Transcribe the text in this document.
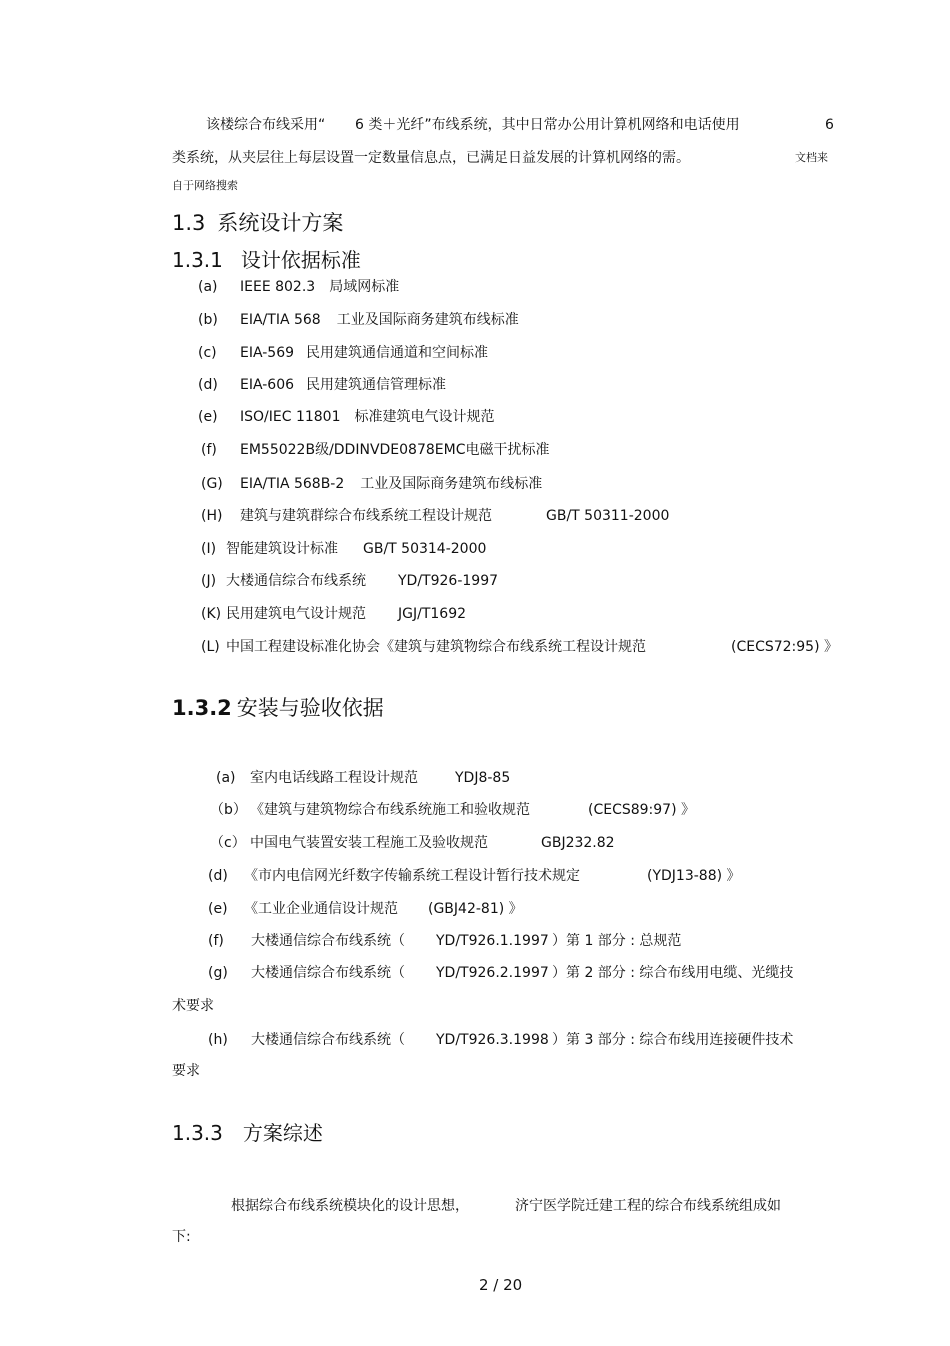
该楼综合布线采用“ 6 类＋光纤”布线系统，其中日常办公用计算机网络和电话使用	6
类系统，从夹层往上每层设置一定数量信息点，已满足日益发展的计算机网络的需。	文档来
自于网络搜索
1.3 系统设计方案
1.3.1 设计依据标准
(a) IEEE 802.3 局域网标准
(b) EIA/TIA 568 工业及国际商务建筑布线标准
(c) EIA-569 民用建筑通信通道和空间标准
(d) EIA-606 民用建筑通信管理标准
(e) ISO/IEC 11801 标准建筑电气设计规范
(f) EM55022B级/DDINVDE0878EMC电磁干扰标准
(G) EIA/TIA 568B-2 工业及国际商务建筑布线标准
(H) 建筑与建筑群综合布线系统工程设计规范	GB/T 50311-2000
(I) 智能建筑设计标准 GB/T 50314-2000
(J) 大楼通信综合布线系统 YD/T926-1997
(K) 民用建筑电气设计规范 JGJ/T1692
(L) 中国工程建设标准化协会《建筑与建筑物综合布线系统工程设计规范	(CECS72:95) 》
1.3.2 安装与验收依据
(a) 室内电话线路工程设计规范	YDJ8-85
（b） 《建筑与建筑物综合布线系统施工和验收规范	(CECS89:97) 》
（c） 中国电气装置安装工程施工及验收规范	GBJ232.82
(d) 《市内电信网光纤数字传输系统工程设计暂行技术规定	(YDJ13-88) 》
(e) 《工业企业通信设计规范 (GBJ42-81) 》
(f) 大楼通信综合布线系统（ YD/T926.1.1997 ）第 1 部分 : 总规范
(g) 大楼通信综合布线系统（ YD/T926.2.1997 ）第 2 部分 : 综合布线用电缆、光缆技
术要求
(h) 大楼通信综合布线系统（ YD/T926.3.1998 ）第 3 部分 : 综合布线用连接硬件技术
要求
1.3.3 方案综述
根据综合布线系统模块化的设计思想，	济宁医学院迁建工程的综合布线系统组成如
下:
2 / 20
